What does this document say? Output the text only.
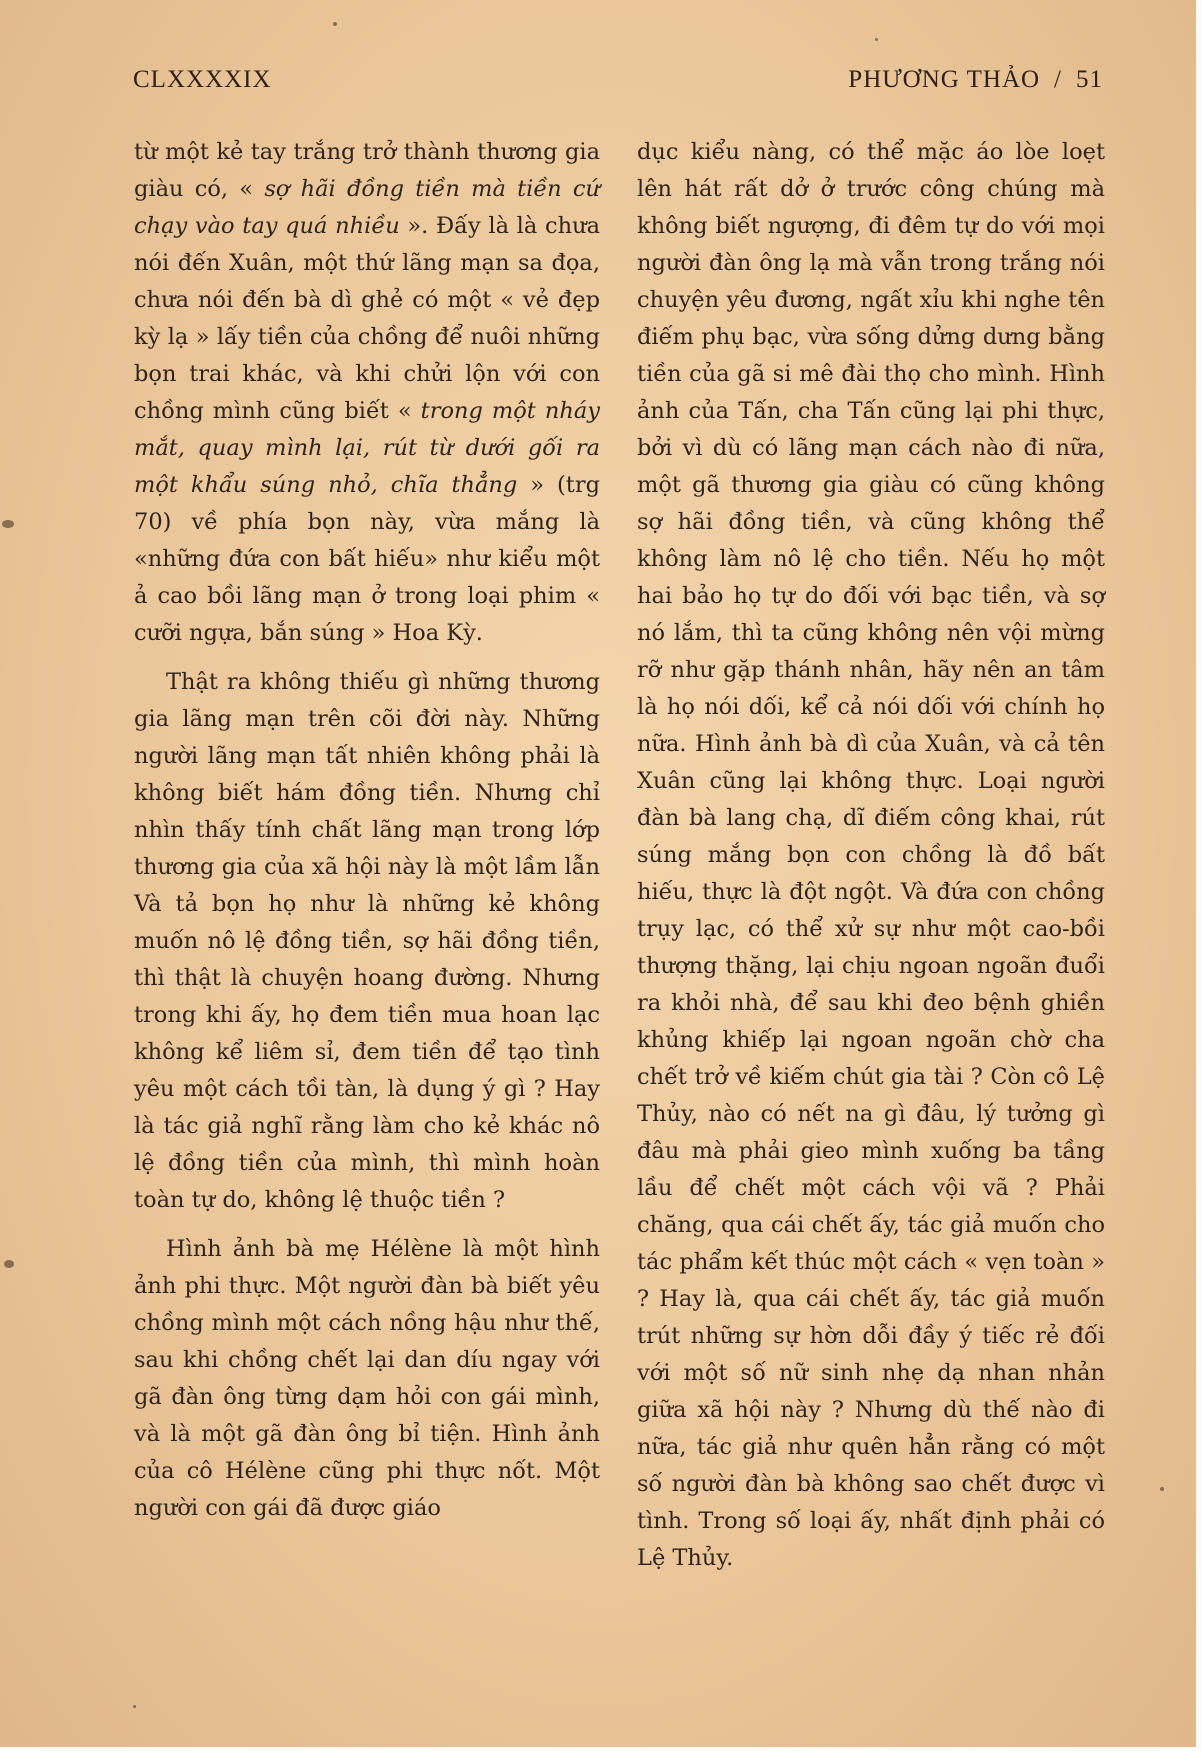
CLXXXXIX	PHƯƠNG THẢO / 51

từ một kẻ tay trắng trở thành thương gia giàu có, « sợ hãi đồng tiền mà tiền cứ chạy vào tay quá nhiều ». Đấy là là chưa nói đến Xuân, một thứ lãng mạn sa đọa, chưa nói đến bà dì ghẻ có một « vẻ đẹp kỳ lạ » lấy tiền của chồng để nuôi những bọn trai khác, và khi chửi lộn với con chồng mình cũng biết « trong một nháy mắt, quay mình lại, rút từ dưới gối ra một khẩu súng nhỏ, chĩa thẳng » (trg 70) về phía bọn này, vừa mắng là «những đứa con bất hiếu» như kiểu một ả cao bồi lãng mạn ở trong loại phim « cưỡi ngựa, bắn súng » Hoa Kỳ.

Thật ra không thiếu gì những thương gia lãng mạn trên cõi đời này. Những người lãng mạn tất nhiên không phải là không biết hám đồng tiền. Nhưng chỉ nhìn thấy tính chất lãng mạn trong lớp thương gia của xã hội này là một lầm lẫn Và tả bọn họ như là những kẻ không muốn nô lệ đồng tiền, sợ hãi đồng tiền, thì thật là chuyện hoang đường. Nhưng trong khi ấy, họ đem tiền mua hoan lạc không kể liêm sỉ, đem tiền để tạo tình yêu một cách tồi tàn, là dụng ý gì ? Hay là tác giả nghĩ rằng làm cho kẻ khác nô lệ đồng tiền của mình, thì mình hoàn toàn tự do, không lệ thuộc tiền ?

Hình ảnh bà mẹ Hélène là một hình ảnh phi thực. Một người đàn bà biết yêu chồng mình một cách nồng hậu như thế, sau khi chồng chết lại dan díu ngay với gã đàn ông từng dạm hỏi con gái mình, và là một gã đàn ông bỉ tiện. Hình ảnh của cô Hélène cũng phi thực nốt. Một người con gái đã được giáo

dục kiểu nàng, có thể mặc áo lòe loẹt lên hát rất dở ở trước công chúng mà không biết ngượng, đi đêm tự do với mọi người đàn ông lạ mà vẫn trong trắng nói chuyện yêu đương, ngất xỉu khi nghe tên điếm phụ bạc, vừa sống dửng dưng bằng tiền của gã si mê đài thọ cho mình. Hình ảnh của Tấn, cha Tấn cũng lại phi thực, bởi vì dù có lãng mạn cách nào đi nữa, một gã thương gia giàu có cũng không sợ hãi đồng tiền, và cũng không thể không làm nô lệ cho tiền. Nếu họ một hai bảo họ tự do đối với bạc tiền, và sợ nó lắm, thì ta cũng không nên vội mừng rỡ như gặp thánh nhân, hãy nên an tâm là họ nói dối, kể cả nói dối với chính họ nữa. Hình ảnh bà dì của Xuân, và cả tên Xuân cũng lại không thực. Loại người đàn bà lang chạ, dĩ điếm công khai, rút súng mắng bọn con chồng là đồ bất hiếu, thực là đột ngột. Và đứa con chồng trụy lạc, có thể xử sự như một cao-bồi thượng thặng, lại chịu ngoan ngoãn đuổi ra khỏi nhà, để sau khi đeo bệnh ghiền khủng khiếp lại ngoan ngoãn chờ cha chết trở về kiếm chút gia tài ? Còn cô Lệ Thủy, nào có nết na gì đâu, lý tưởng gì đâu mà phải gieo mình xuống ba tầng lầu để chết một cách vội vã ? Phải chăng, qua cái chết ấy, tác giả muốn cho tác phẩm kết thúc một cách « vẹn toàn » ? Hay là, qua cái chết ấy, tác giả muốn trút những sự hờn dỗi đầy ý tiếc rẻ đối với một số nữ sinh nhẹ dạ nhan nhản giữa xã hội này ? Nhưng dù thế nào đi nữa, tác giả như quên hẳn rằng có một số người đàn bà không sao chết được vì tình. Trong số loại ấy, nhất định phải có Lệ Thủy.
